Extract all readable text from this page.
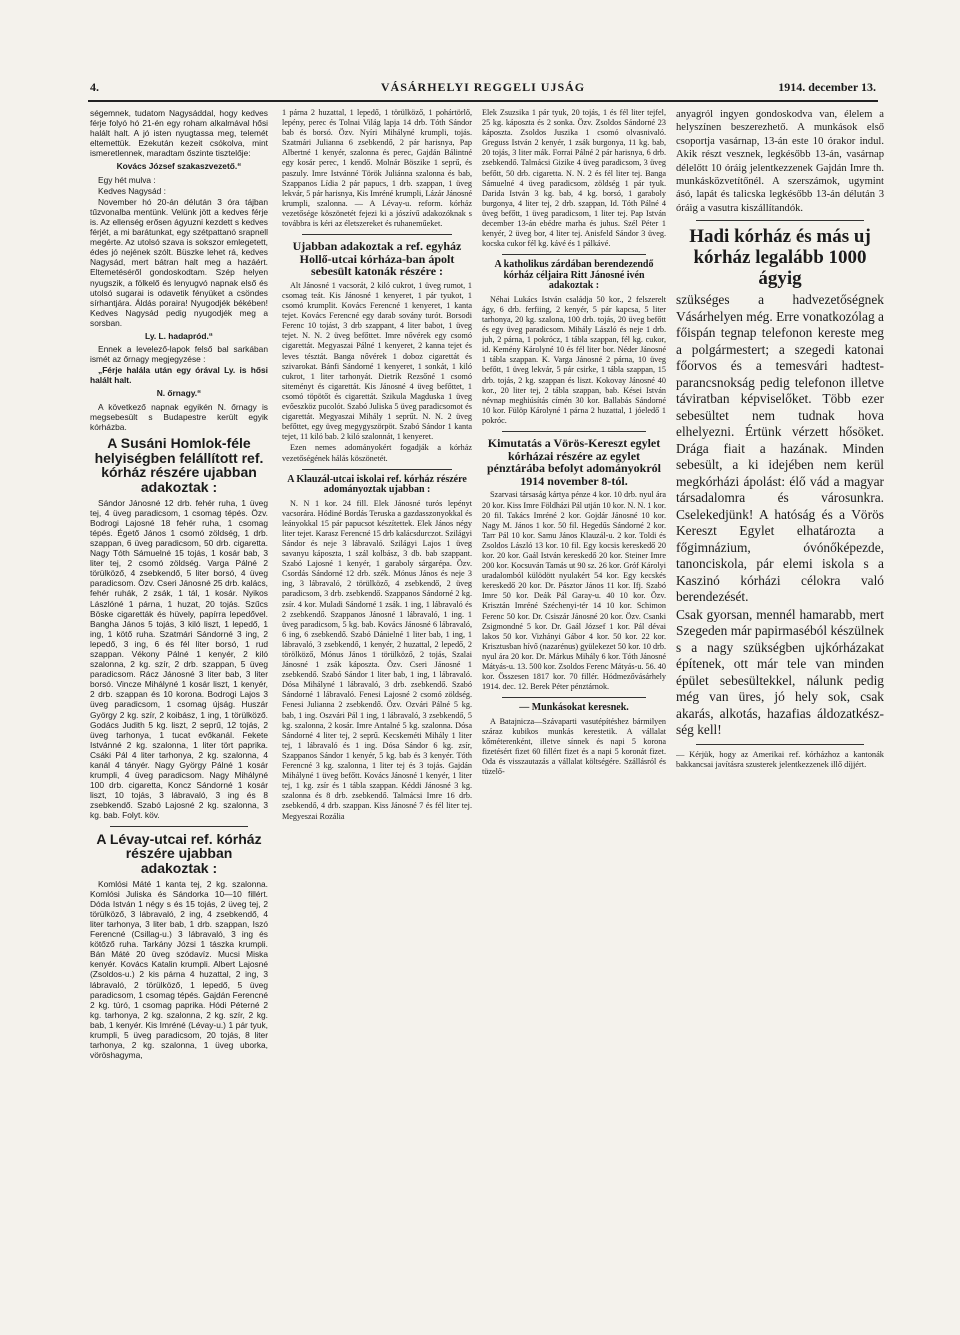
4.	VÁSÁRHELYI REGGELI UJSÁG	1914. december 13.

ségemnek, tudatom Nagysáddal, hogy kedves férje folyó hó 21-én egy roham alkalmával hősi halált halt. A jó isten nyugtassa meg, telemét eltemettük. Ezekután kezeit csókolva, mint ismeretlennek, maradtam őszinte tisztelője:

Kovács József szakaszvezető.“

Egy hét mulva :

Kedves Nagysád :

November hó 20-án délután 3 óra tájban tűzvonalba mentünk. Velünk jött a kedves férje is. Az ellenség erősen ágyuzni kezdett s kedves férjét, a mi barátunkat, egy szétpattanó srapnell megérte. Az utolsó szava is sokszor emlegetett, édes jó nejének szólt. Büszke lehet rá, kedves Nagysád, mert bátran halt meg a hazáért. Eltemetéséről gondoskodtam. Szép helyen nyugszik, a fölkelő és lenyugvó napnak első és utolsó sugarai is odavetik fényüket a csöndes sírhantjára. Áldás poraira! Nyugodjék békében! Kedves Nagysád pedig nyugodjék meg a sorsban.

Ly. L. hadapród.“

Ennek a levelező-lapok felső bal sarkában ismét az őrnagy megjegyzése :

„Férje halála után egy órával Ly. is hősi halált halt.

N. őrnagy.“

A következő napnak egyikén N. őrnagy is megsebesült s Budapestre került egyik kórházba.

A Susáni Homlok-féle helyiségben felállított ref. kórház részére ujabban adakoztak :

Sándor Jánosné 12 drb. fehér ruha, 1 üveg tej, 4 üveg paradicsom, 1 csomag tépés. Özv. Bodrogi Lajosné 18 fehér ruha, 1 csomag tépés. Égető János 1 csomó zöldség, 1 drb. szappan, 6 üveg paradicsom, 50 drb. cigaretta. Nagy Tóth Sámuelné 15 tojás, 1 kosár bab, 3 liter tej, 2 csomó zöldség. Varga Pálné 2 törülköző, 4 zsebkendő, 5 liter borsó, 4 üveg paradicsom. Özv. Cseri Jánosné 25 drb. kalács, fehér ruhák, 2 zsák, 1 tál, 1 kosár. Nyikos Lászlóné 1 párna, 1 huzat, 20 tojás. Szűcs Böske cigaretták és hüvely, papírra lepedővel. Bangha János 5 tojás, 3 kiló liszt, 1 lepedő, 1 ing, 1 kötő ruha. Szatmári Sándorné 3 ing, 2 lepedő, 3 ing, 6 és fél liter borsó, 1 rud szappan. Vékony Pálné 1 kenyér, 2 kiló szalonna, 2 kg. szír, 2 drb. szappan, 5 üveg paradicsom. Rácz Jánosné 3 liter bab, 3 liter borsó. Vincze Mihályné 1 kosár liszt, 1 kenyér, 2 drb. szappan és 10 korona. Bodrogi Lajos 3 üveg paradicsom, 1 csomag újság. Huszár György 2 kg. szír, 2 koibász, 1 ing, 1 törülköző. Godács Judith 5 kg. liszt, 2 seprű, 12 tojás, 2 üveg tarhonya, 1 tucat evőkanál. Fekete Istvánné 2 kg. szalonna, 1 liter tört paprika. Csáki Pál 4 liter tarhonya, 2 kg. szalonna, 4 kanál 4 tányér. Nagy György Pálné 1 kosár krumpli, 4 üveg paradicsom. Nagy Mihályné 100 drb. cigaretta, Koncz Sándorné 1 kosár liszt, 10 tojás, 3 lábravaló, 3 ing és 8 zsebkendő. Szabó Lajosné 2 kg. szalonna, 3 kg. bab. Folyt. köv.

A Lévay-utcai ref. kórház részére ujabban adakoztak :

Komlósi Máté 1 kanta tej, 2 kg. szalonna. Komlósi Juliska és Sándorka 10—10 fillért. Dóda István 1 négy s és 15 tojás, 2 üveg tej, 2 törülköző, 3 lábravaló, 2 ing, 4 zsebkendő, 4 liter tarhonya, 3 liter bab, 1 drb. szappan, Iszó Ferencné (Csillag-u.) 3 lábravaló, 3 ing és kötőző ruha. Tarkány Józsi 1 tászka krumpli. Bán Máté 20 üveg szódavíz. Mucsi Miska kenyér. Kovács Katalin krumpli. Albert Lajosné (Zsoldos-u.) 2 kis párna 4 huzattal, 2 ing, 3 lábravaló, 2 törülköző, 1 lepedő, 5 üveg paradicsom, 1 csomag tépés. Gajdán Ferencné 2 kg. túró, 1 csomag paprika. Hódi Péterné 2 kg. tarhonya, 2 kg. szalonna, 2 kg. szír, 2 kg. bab, 1 kenyér. Kis Imréné (Lévay-u.) 1 pár tyuk, krumpli, 5 üveg paradicsom, 20 tojás, 8 liter tarhonya, 2 kg. szalonna, 1 üveg uborka, vöröshagyma,

1 párna 2 huzattal, 1 lepedő, 1 törülköző, 1 pohártörlő, lepény, perec és Tolnai Világ lapja 14 drb. Tóth Sándor bab és borsó. Özv. Nyíri Mihályné krumpli, tojás. Szatmári Julianna 6 zsebkendő, 2 pár harisnya, Pap Albertné 1 kenyér, szalonna és perec, Gajdán Bálintné egy kosár perec, 1 kendő. Molnár Böszike 1 seprű, és paszuly. Imre Istvánné Török Juliánna szalonna és bab, Szappanos Lídia 2 pár papucs, 1 drb. szappan, 1 üveg lekvár, 5 pár harisnya, Kis Imréné krumpli, Lázár Jánosné krumpli, szalonna. — A Lévay-u. reform. kórház vezetősége köszönetét fejezi ki a jószívű adakozóknak s továbbra is kéri az életszereket és ruhaneműeket.

Ujabban adakoztak a ref. egyház Hollő-utcai kórháza-ban ápolt sebesült katonák részére :

Alt Jánosné 1 vacsorát, 2 kiló cukrot, 1 üveg rumot, 1 csomag teát. Kis Jánosné 1 kenyeret, 1 pár tyukot, 1 csomó krumplit. Kovács Ferencné 1 kenyeret, 1 kanta tejet. Kovács Ferencné egy darab sovány turót. Borsodi Ferenc 10 tojást, 3 drb szappant, 4 liter babot, 1 üveg tejet. N. N. 2 üveg befőttet. Imre nővérek egy csomó cigarettát. Megyaszai Pálné 1 kenyeret, 2 kanna tejet és leves tésztát. Banga nővérek 1 doboz cigarettát és szivarokat. Bánfi Sándorné 1 kenyeret, 1 sonkát, 1 kiló cukrot, 1 liter tarhonyát. Dietrik Rezsőné 1 csomó siteményt és cigarettát. Kis Jánosné 4 üveg befőttet, 1 csomó töpötőt és cigarettát. Szikula Magduska 1 üveg evőeszköz pucolót. Szabó Juliska 5 üveg paradicsomot és cigarettát. Megyaszai Mihály 1 seprűt. N. N. 2 üveg befőttet, egy üveg megygyszörpöt. Szabó Sándor 1 kanta tejet, 11 kiló bab. 2 kiló szalonnát, 1 kenyeret.

Ezen nemes adományokért fogadják a kórház vezetőségének hálás köszönetét.

A Klauzál-utcai iskolai ref. kórház részére adományoztak ujabban :

N. N 1 kor. 24 fill. Elek Jánosné turós lepényt vacsorára. Hódiné Bordás Teruska a gazdasszonyokkal és leányokkal 15 pár papucsot készítettek. Elek János négy liter tejet. Karasz Ferencné 15 drb kalácsdurczot. Szilágyi Sándor és neje 3 lábravaló. Szilágyi Lajos 1 üveg savanyu káposzta, 1 szál kolbász, 3 db. bab szappant. Szabó Lajosné 1 kenyér, 1 garaboly sárgarépa. Özv. Csordás Sándorné 12 drb. szék. Mónus János és neje 3 ing, 3 lábravaló, 2 törülköző, 4 zsebkendő, 2 üveg paradicsom, 3 drb. zsebkendő. Szappanos Sándorné 2 kg. zsír. 4 kor. Muladi Sándorné 1 zsák. 1 ing, 1 lábravaló és 2 zsebkendő. Szappanos Jánosné 1 lábravaló, 1 ing. 1 üveg paradicsom, 5 kg. bab. Kovács Jánosné 6 lábravaló, 6 ing, 6 zsebkendő. Szabó Dánielné 1 liter bab, 1 ing, 1 lábravaló, 3 zsebkendő, 1 kenyér, 2 huzattal, 2 lepedő, 2 törölköző, Mónus János 1 törülköző, 2 tojás, Szalai Jánosné 1 zsák káposzta. Özv. Cseri Jánosné 1 zsebkendő. Szabó Sándor 1 liter bab, 1 ing, 1 lábravaló. Dósa Mihályné 1 lábravaló, 3 drb. zsebkendő. Szabó Sándorné 1 lábravaló. Fenesi Lajosné 2 csomó zöldség. Fenesi Julianna 2 zsebkendő. Özv. Ozvári Pálné 5 kg. bab, 1 ing. Oszvári Pál 1 ing, 1 lábravaló, 3 zsebkendő, 5 kg. szalonna, 2 kosár. Imre Antalné 5 kg. szalonna. Dósa Sándorné 4 liter tej, 2 seprű. Kecskeméti Mihály 1 liter tej, 1 lábravaló és 1 ing. Dósa Sándor 6 kg. zsír, Szappanos Sándor 1 kenyér, 5 kg. bab és 3 kenyér. Tóth Ferencné 3 kg. szalonna, 1 liter tej és 3 tojás. Gajdán Mihályné 1 üveg befőtt. Kovács Jánosné 1 kenyér, 1 liter tej, 1 kg. zsír és 1 tábla szappan. Kéddi Jánosné 3 kg. szalonna és 8 drb. zsebkendő. Talmácsi Imre 16 drb. zsebkendő, 4 drb. szappan. Kiss Jánosné 7 és fél liter tej. Megyeszai Rozália

Elek Zsuzsika 1 pár tyuk, 20 tojás, 1 és fél liter tejfel, 25 kg. káposzta és 2 sonka. Özv. Zsoldos Sándorné 23 káposzta. Zsoldos Juszika 1 csomó olvasnivaló. Greguss István 2 kenyér, 1 zsák burgonya, 11 kg. bab, 20 tojás, 3 liter mák. Forrai Pálné 2 pár harisnya, 6 drb. zsebkendő. Talmácsi Gizike 4 üveg paradicsom, 3 üveg befőtt, 50 drb. cigaretta. N. N. 2 és fél liter tej. Banga Sámuelné 4 üveg paradicsom, zöldség 1 pár tyuk. Darida István 3 kg. bab, 4 kg. borsó, 1 garaboly burgonya, 4 liter tej, 2 drb. szappan, Id. Tóth Pálné 4 üveg befőtt, 1 üveg paradicsom, 1 liter tej. Pap István december 13-án ebédre marha és juhus. Szél Péter 1 kenyér, 2 üveg bor, 4 liter tej. Anisfeld Sándor 3 üveg. kocska cukor fél kg. kávé és 1 pálkávé.

A katholikus zárdában berendezendő kórház céljaira Ritt Jánosné ivén adakoztak :

Néhai Lukács István családja 50 kor., 2 felszerelt ágy, 6 drb. ferfiing, 2 kenyér, 5 pár kapcsa, 5 liter tarhonya, 20 kg. szalona, 100 drb. tojás, 20 üveg befőtt és egy üveg paradicsom. Mihály László és neje 1 drb. juh, 2 párna, 1 pokrócz, 1 tábla szappan, fél kg. cukor, id. Kemény Károlyné 10 és fél liter bor. Néder Jánosné 1 tábla szappan. K. Varga Jánosné 2 párna, 10 üveg befőtt, 1 üveg lekvár, 5 pár csirke, 1 tábla szappan, 15 drb. tojás, 2 kg. szappan és liszt. Kokovay Jánosné 40 kor., 20 liter tej, 2 tábla szappan, bab. Kései István névnap meghiúsítás címén 30 kor. Ballabás Sándorné 10 kor. Fülöp Károlyné 1 párna 2 huzattal, 1 jóeledő 1 pokróc.

Kimutatás a Vörös-Kereszt egylet kórházai részére az egylet pénztárába befolyt adományokról 1914 november 8-tól.

Szarvasi társaság kártya pénze 4 kor. 10 drb. nyul ára 20 kor. Kiss Imre Földházi Pál utján 10 kor. N. N. 1 kor. 20 fil. Takács Imréné 2 kor. Gojdár Jánosné 10 kor. Nagy M. János 1 kor. 50 fil. Hegedűs Sándorné 2 kor. Tarr Pál 10 kor. Samu János Klauzál-u. 2 kor. Toldi és Zsoldos László 13 kor. 10 fil. Egy kocsis kereskedő 20 kor. 20 kor. Gaál István kereskedő 20 kor. Steiner Imre 200 kor. Kocsuván Tamás ut 90 sz. 26 kor. Gróf Károlyi uradalomból külödött nyulakért 54 kor. Egy kecskés kereskedő 20 kor. Dr. Pásztor János 11 kor. Ifj. Szabó Imre 50 kor. Deák Pál Garay-u. 40 10 kor. Özv. Krisztán Imréné Széchenyi-tér 14 10 kor. Schimon Ferenc 50 kor. Dr. Csiszár Jánosné 20 kor. Özv. Csanki Zsigmondné 5 kor. Dr. Gaál József 1 kor. Pál dévai lakos 50 kor. Vizhányi Gábor 4 kor. 50 kor. 22 kor. Krisztusban hívő (nazarénus) gyülekezet 50 kor. 10 drb. nyul ára 20 kor. Dr. Márkus Mihály 6 kor. Tóth Jánosné Mátyás-u. 13. 500 kor. Zsoldos Ferenc Mátyás-u. 56. 40 kor. Összesen 1817 kor. 70 fillér. Hódmezővásárhely 1914. dec. 12. Berek Péter pénztárnok.

— Munkásokat keresnek.

A Batajnicza—Szávaparti vasutépítéshez bármilyen száraz kubikos munkás kerestetik. A vállalat kőméterenként, illetve sínnek és napi 5 korona fizetésért fizet 60 fillért fizet és a napi 5 koronát fizet. Oda és visszautazás a vállalat költségére. Szállásról és tüzelő-

anyagról ingyen gondoskodva van, élelem a helyszínen beszerezhető. A munkások első csoportja vasárnap, 13-án este 10 órakor indul. Akik részt vesznek, legkésőbb 13-án, vasárnap délelőtt 10 óráig jelentkezzenek Gajdán Imre th. munkásközvetítőnél. A szerszámok, ugymint ásó, lapát és talicska legkésőbb 13-án délután 3 óráig a vasutra kiszállítandók.

Hadi kórház és más uj kórház legalább 1000 ágyig

szükséges a hadvezetőségnek Vásárhelyen még. Erre vonatkozólag a főispán tegnap telefonon kereste meg a polgármestert; a szegedi katonai főorvos és a temesvári hadtest-parancsnokság pedig telefonon illetve táviratban képviselőket. Több ezer sebesültet nem tudnak hova elhelyezni. Értünk vérzett hősöket. Drága fiait a hazának. Minden sebesült, a ki idejében nem kerül megkórházi ápolást: élő vád a magyar társadalomra és városunkra. Cselekedjünk! A hatóság és a Vörös Kereszt Egylet elhatározta a főgimnázium, óvónőképezde, tanonciskola, pár elemi iskola s a Kaszinó kórházi célokra való berendezését.

Csak gyorsan, mennél hamarabb, mert Szegeden már papirmaséból készülnek s a nagy szükségben ujkórházakat építenek, ott már tele van minden épület sebesültekkel, nálunk pedig még van üres, jó hely sok, csak akarás, alkotás, hazafias áldozatkészség kell!

— Kérjük, hogy az Amerikai ref. kórházhoz a kantonák bakkancsai javításra szusterek jelentkezzenek illő díjjért.
